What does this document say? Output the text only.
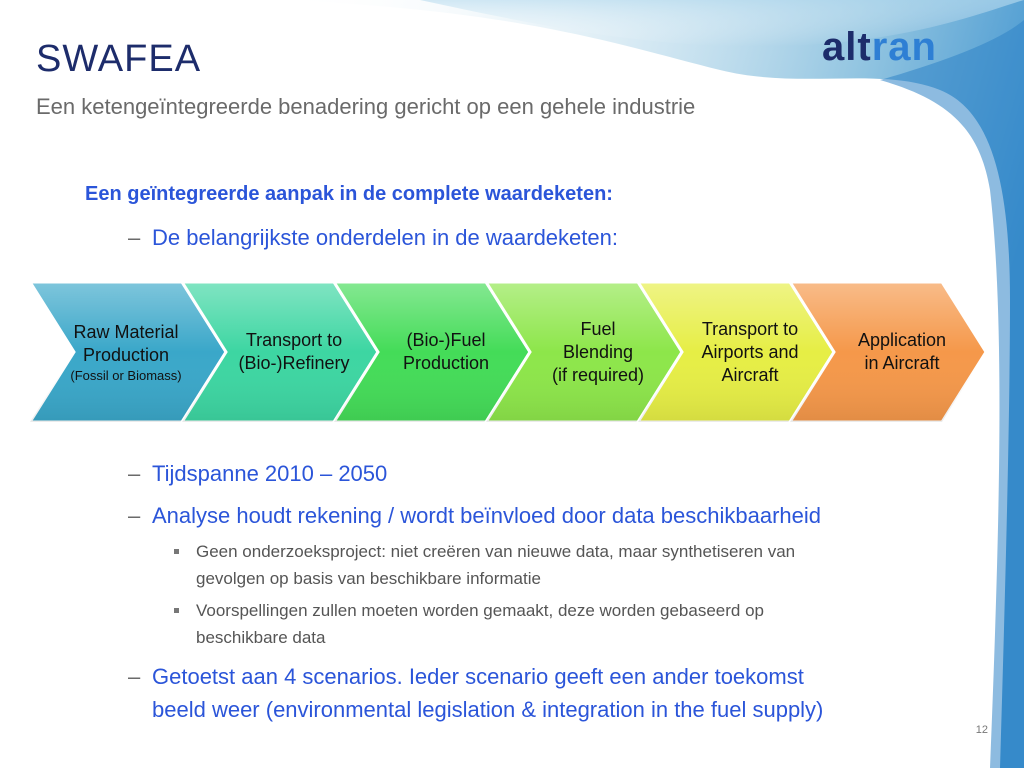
SWAFEA

Een ketengeïntegreerde benadering gericht op een gehele industrie

altran

Een geïntegreerde aanpak in de complete waardeketen:

– De belangrijkste onderdelen in de waardeketen:

Raw Material
Production
(Fossil or Biomass)
Transport to
(Bio-)Refinery
(Bio-)Fuel
Production
Fuel
Blending
(if required)
Transport to
Airports and
Aircraft
Application
in Aircraft

– Tijdspanne 2010 – 2050

– Analyse houdt rekening / wordt beïnvloed door data beschikbaarheid

Geen onderzoeksproject: niet creëren van nieuwe data, maar synthetiseren van
gevolgen op basis van beschikbare informatie
Voorspellingen zullen moeten worden gemaakt, deze worden gebaseerd op
beschikbare data
– Getoetst aan 4 scenarios. Ieder scenario geeft een ander toekomst
beeld weer (environmental legislation & integration in the fuel supply)
12
